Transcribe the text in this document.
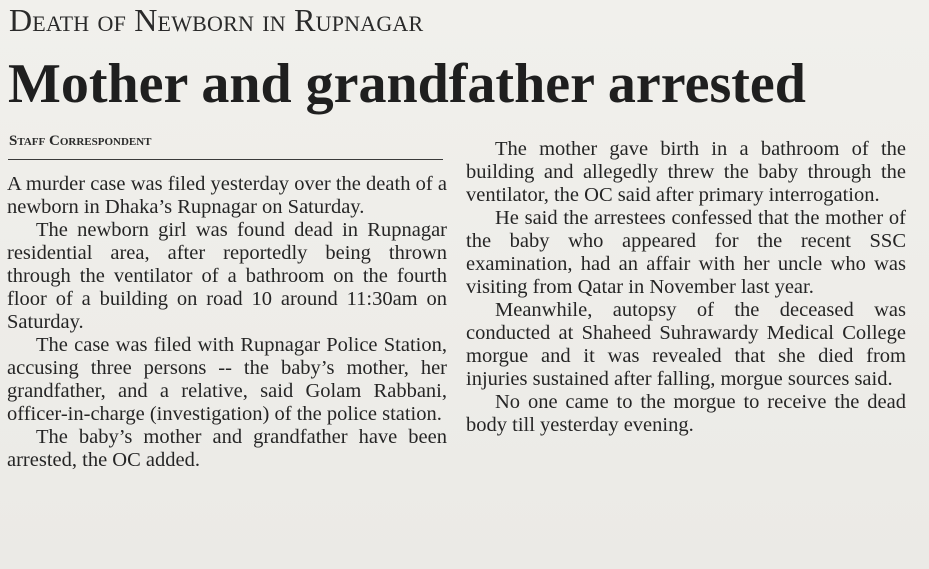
Death of Newborn in Rupnagar
Mother and grandfather arrested
Staff Correspondent

A murder case was filed yesterday over the death of a newborn in Dhaka’s Rupnagar on Saturday.

The newborn girl was found dead in Rupnagar residential area, after reportedly being thrown through the ventilator of a bathroom on the fourth floor of a building on road 10 around 11:30am on Saturday.

The case was filed with Rupnagar Police Station, accusing three persons -- the baby’s mother, her grandfather, and a relative, said Golam Rabbani, officer-in-charge (investigation) of the police station.

The baby’s mother and grandfather have been arrested, the OC added.

The mother gave birth in a bathroom of the building and allegedly threw the baby through the ventilator, the OC said after primary interrogation.

He said the arrestees confessed that the mother of the baby who appeared for the recent SSC examination, had an affair with her uncle who was visiting from Qatar in November last year.

Meanwhile, autopsy of the deceased was conducted at Shaheed Suhrawardy Medical College morgue and it was revealed that she died from injuries sustained after falling, morgue sources said.

No one came to the morgue to receive the dead body till yesterday evening.
